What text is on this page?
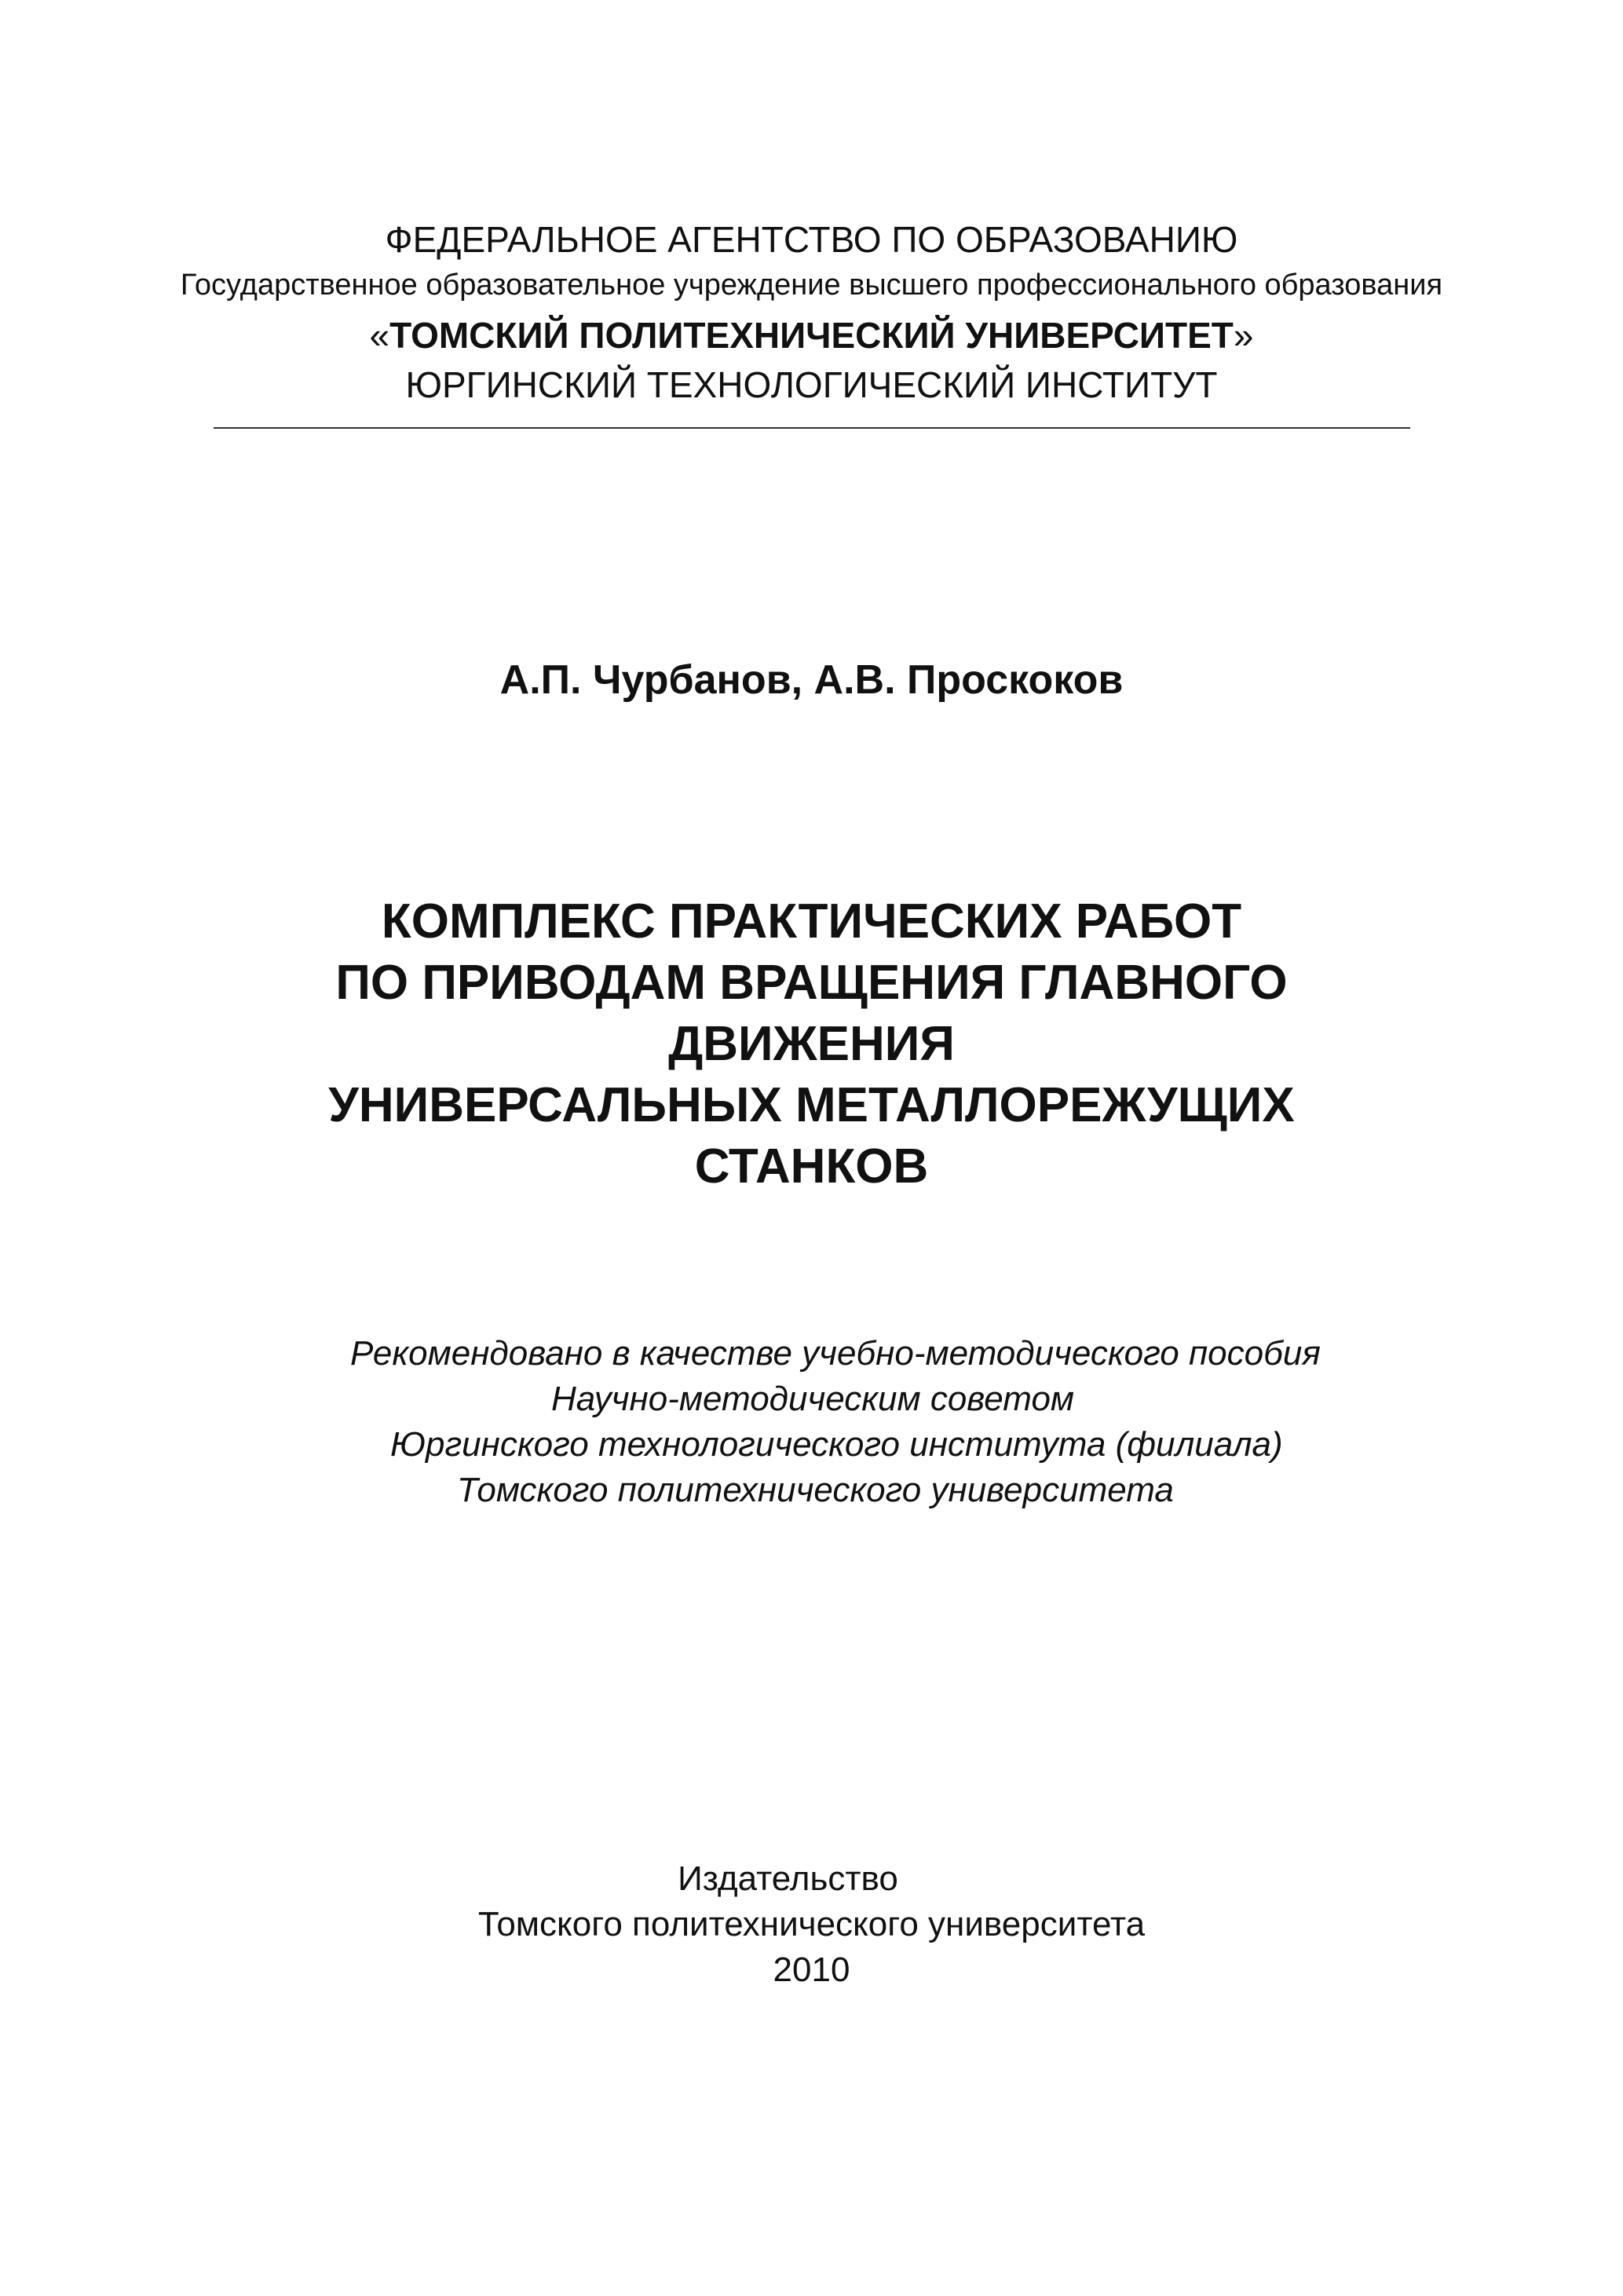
ФЕДЕРАЛЬНОЕ АГЕНТСТВО ПО ОБРАЗОВАНИЮ
Государственное образовательное учреждение высшего профессионального образования
«ТОМСКИЙ ПОЛИТЕХНИЧЕСКИЙ УНИВЕРСИТЕТ»
ЮРГИНСКИЙ ТЕХНОЛОГИЧЕСКИЙ ИНСТИТУТ
А.П. Чурбанов, А.В. Проскоков
КОМПЛЕКС ПРАКТИЧЕСКИХ РАБОТ
ПО ПРИВОДАМ ВРАЩЕНИЯ ГЛАВНОГО
ДВИЖЕНИЯ
УНИВЕРСАЛЬНЫХ МЕТАЛЛОРЕЖУЩИХ
СТАНКОВ
Рекомендовано в качестве учебно-методического пособия
Научно-методическим советом
Юргинского технологического института (филиала)
Томского политехнического университета
Издательство
Томского политехнического университета
2010
